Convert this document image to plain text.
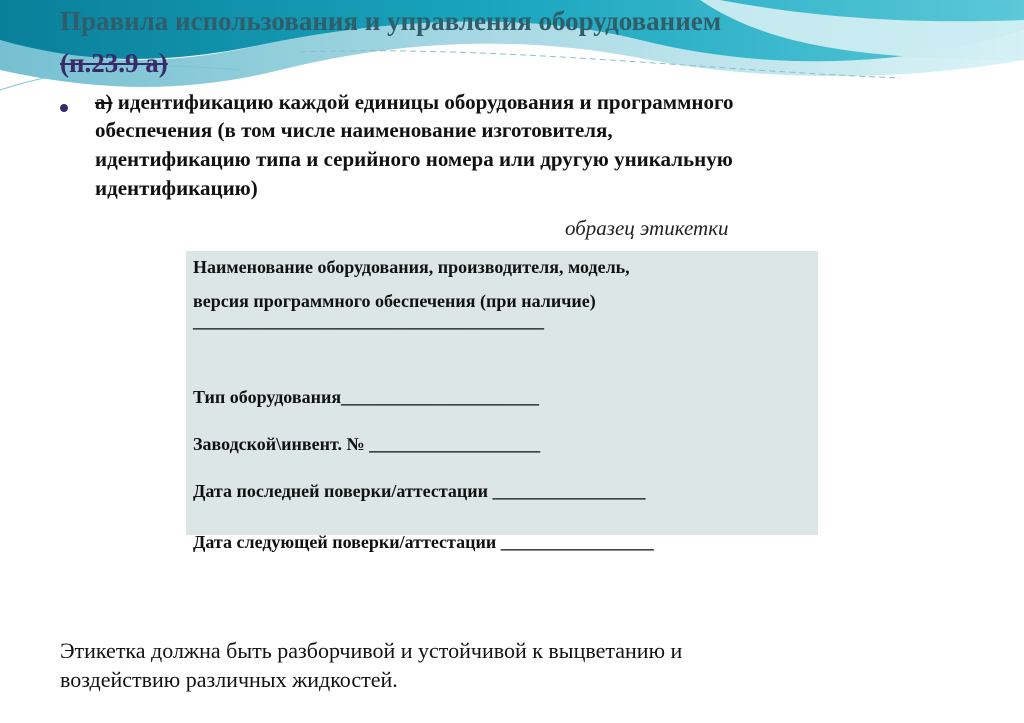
Правила использования и управления оборудованием
(п.23.9 а)
а) идентификацию каждой единицы оборудования и программного
обеспечения (в том числе наименование изготовителя,
идентификацию типа и серийного номера или другую уникальную
идентификацию)
образец этикетки
Наименование оборудования, производителя, модель,
версия программного обеспечения (при наличие)
_______________________________________
Тип оборудования______________________
Заводской\инвент. № ___________________
Дата последней поверки/аттестации _________________
Дата следующей поверки/аттестации _________________
Этикетка должна быть разборчивой и устойчивой к выцветанию и
воздействию различных жидкостей.
